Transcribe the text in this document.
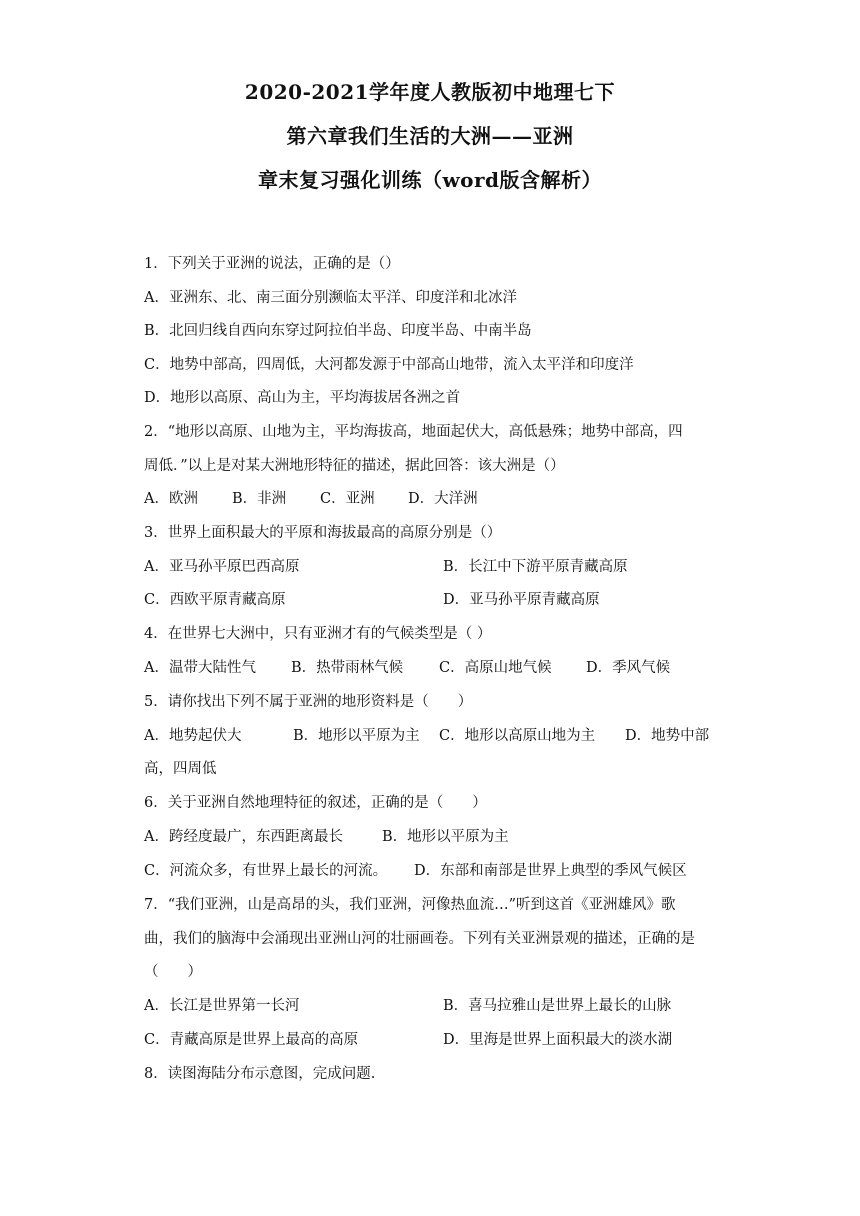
2020-2021学年度人教版初中地理七下
第六章我们生活的大洲——亚洲
章末复习强化训练（word版含解析）
1．下列关于亚洲的说法，正确的是（）
A．亚洲东、北、南三面分别濒临太平洋、印度洋和北冰洋
B．北回归线自西向东穿过阿拉伯半岛、印度半岛、中南半岛
C．地势中部高，四周低，大河都发源于中部高山地带，流入太平洋和印度洋
D．地形以高原、高山为主，平均海拔居各洲之首
2．“地形以高原、山地为主，平均海拔高，地面起伏大，高低悬殊；地势中部高，四
周低．”以上是对某大洲地形特征的描述，据此回答：该大洲是（）
A．欧洲 B．非洲 C．亚洲 D．大洋洲
3．世界上面积最大的平原和海拔最高的高原分别是（）
A．亚马孙平原巴西高原	B．长江中下游平原青藏高原
C．西欧平原青藏高原	D．亚马孙平原青藏高原
4．在世界七大洲中，只有亚洲才有的气候类型是（ ）
A．温带大陆性气 B．热带雨林气候 C．高原山地气候 D．季风气候
5．请你找出下列不属于亚洲的地形资料是（　　）
A．地势起伏大	B．地形以平原为主 C．地形以高原山地为主 D．地势中部
高，四周低
6．关于亚洲自然地理特征的叙述，正确的是（　　）
A．跨经度最广，东西距离最长	B．地形以平原为主
C．河流众多，有世界上最长的河流。 D．东部和南部是世界上典型的季风气候区
7．“我们亚洲，山是高昂的头，我们亚洲，河像热血流…”听到这首《亚洲雄风》歌
曲，我们的脑海中会涌现出亚洲山河的壮丽画卷。下列有关亚洲景观的描述，正确的是
（　　）
A．长江是世界第一长河	B．喜马拉雅山是世界上最长的山脉
C．青藏高原是世界上最高的高原	D．里海是世界上面积最大的淡水湖
8．读图海陆分布示意图，完成问题.
